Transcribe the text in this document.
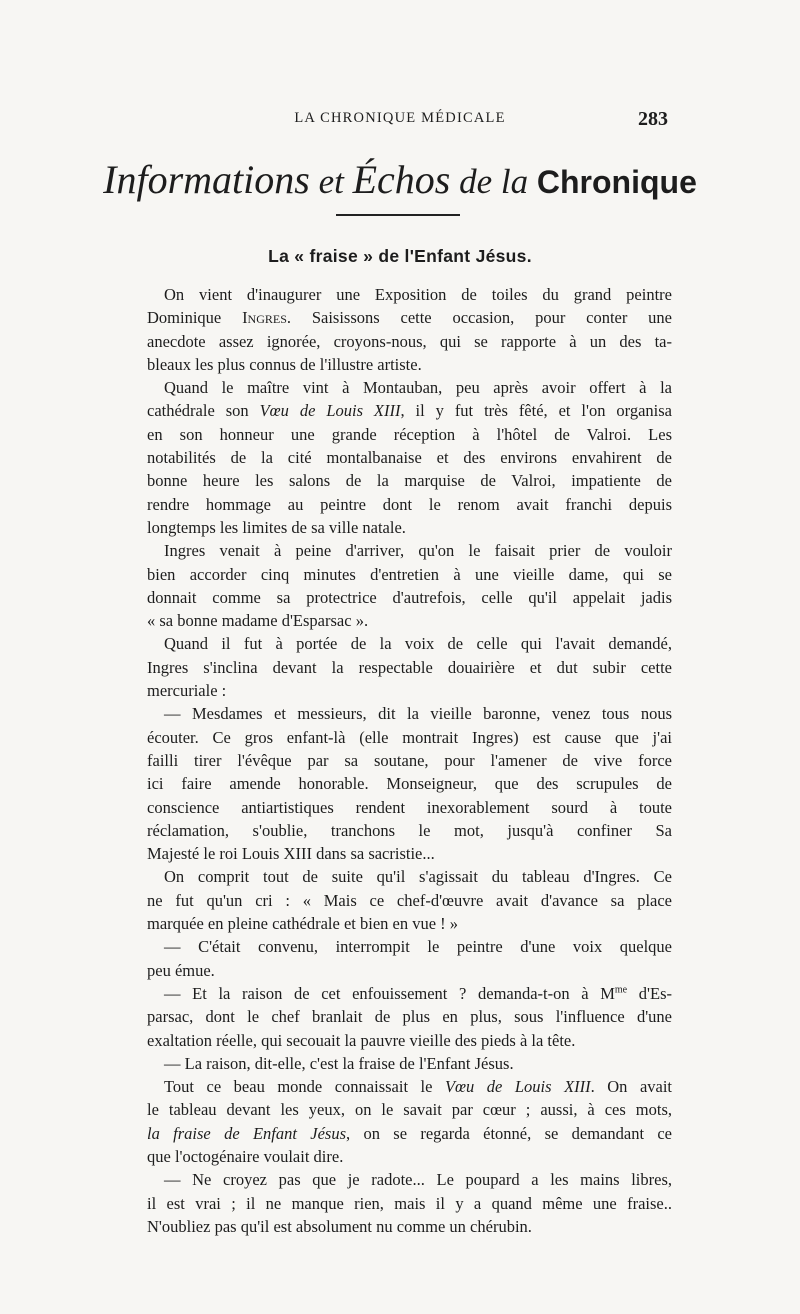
LA CHRONIQUE MÉDICALE	283
Informations et Échos de la Chronique
La « fraise » de l'Enfant Jésus.
On vient d'inaugurer une Exposition de toiles du grand peintre
Dominique Ingres. Saisissons cette occasion, pour conter une
anecdote assez ignorée, croyons-nous, qui se rapporte à un des ta-
bleaux les plus connus de l'illustre artiste.
Quand le maître vint à Montauban, peu après avoir offert à la
cathédrale son Vœu de Louis XIII, il y fut très fêté, et l'on organisa
en son honneur une grande réception à l'hôtel de Valroi. Les
notabilités de la cité montalbanaise et des environs envahirent de
bonne heure les salons de la marquise de Valroi, impatiente de
rendre hommage au peintre dont le renom avait franchi depuis
longtemps les limites de sa ville natale.
Ingres venait à peine d'arriver, qu'on le faisait prier de vouloir
bien accorder cinq minutes d'entretien à une vieille dame, qui se
donnait comme sa protectrice d'autrefois, celle qu'il appelait jadis
« sa bonne madame d'Esparsac ».
Quand il fut à portée de la voix de celle qui l'avait demandé,
Ingres s'inclina devant la respectable douairière et dut subir cette
mercuriale :
— Mesdames et messieurs, dit la vieille baronne, venez tous nous
écouter. Ce gros enfant-là (elle montrait Ingres) est cause que j'ai
failli tirer l'évêque par sa soutane, pour l'amener de vive force
ici faire amende honorable. Monseigneur, que des scrupules de
conscience antiartistiques rendent inexorablement sourd à toute
réclamation, s'oublie, tranchons le mot, jusqu'à confiner Sa
Majesté le roi Louis XIII dans sa sacristie...
On comprit tout de suite qu'il s'agissait du tableau d'Ingres. Ce
ne fut qu'un cri : « Mais ce chef-d'œuvre avait d'avance sa place
marquée en pleine cathédrale et bien en vue ! »
— C'était convenu, interrompit le peintre d'une voix quelque
peu émue.
— Et la raison de cet enfouissement ? demanda-t-on à $M^{me}$ d'Es-
parsac, dont le chef branlait de plus en plus, sous l'influence d'une
exaltation réelle, qui secouait la pauvre vieille des pieds à la tête.
— La raison, dit-elle, c'est la fraise de l'Enfant Jésus.
Tout ce beau monde connaissait le Vœu de Louis XIII. On avait
le tableau devant les yeux, on le savait par cœur ; aussi, à ces mots,
la fraise de Enfant Jésus, on se regarda étonné, se demandant ce
que l'octogénaire voulait dire.
— Ne croyez pas que je radote... Le poupard a les mains libres,
il est vrai ; il ne manque rien, mais il y a quand même une fraise..
N'oubliez pas qu'il est absolument nu comme un chérubin.
